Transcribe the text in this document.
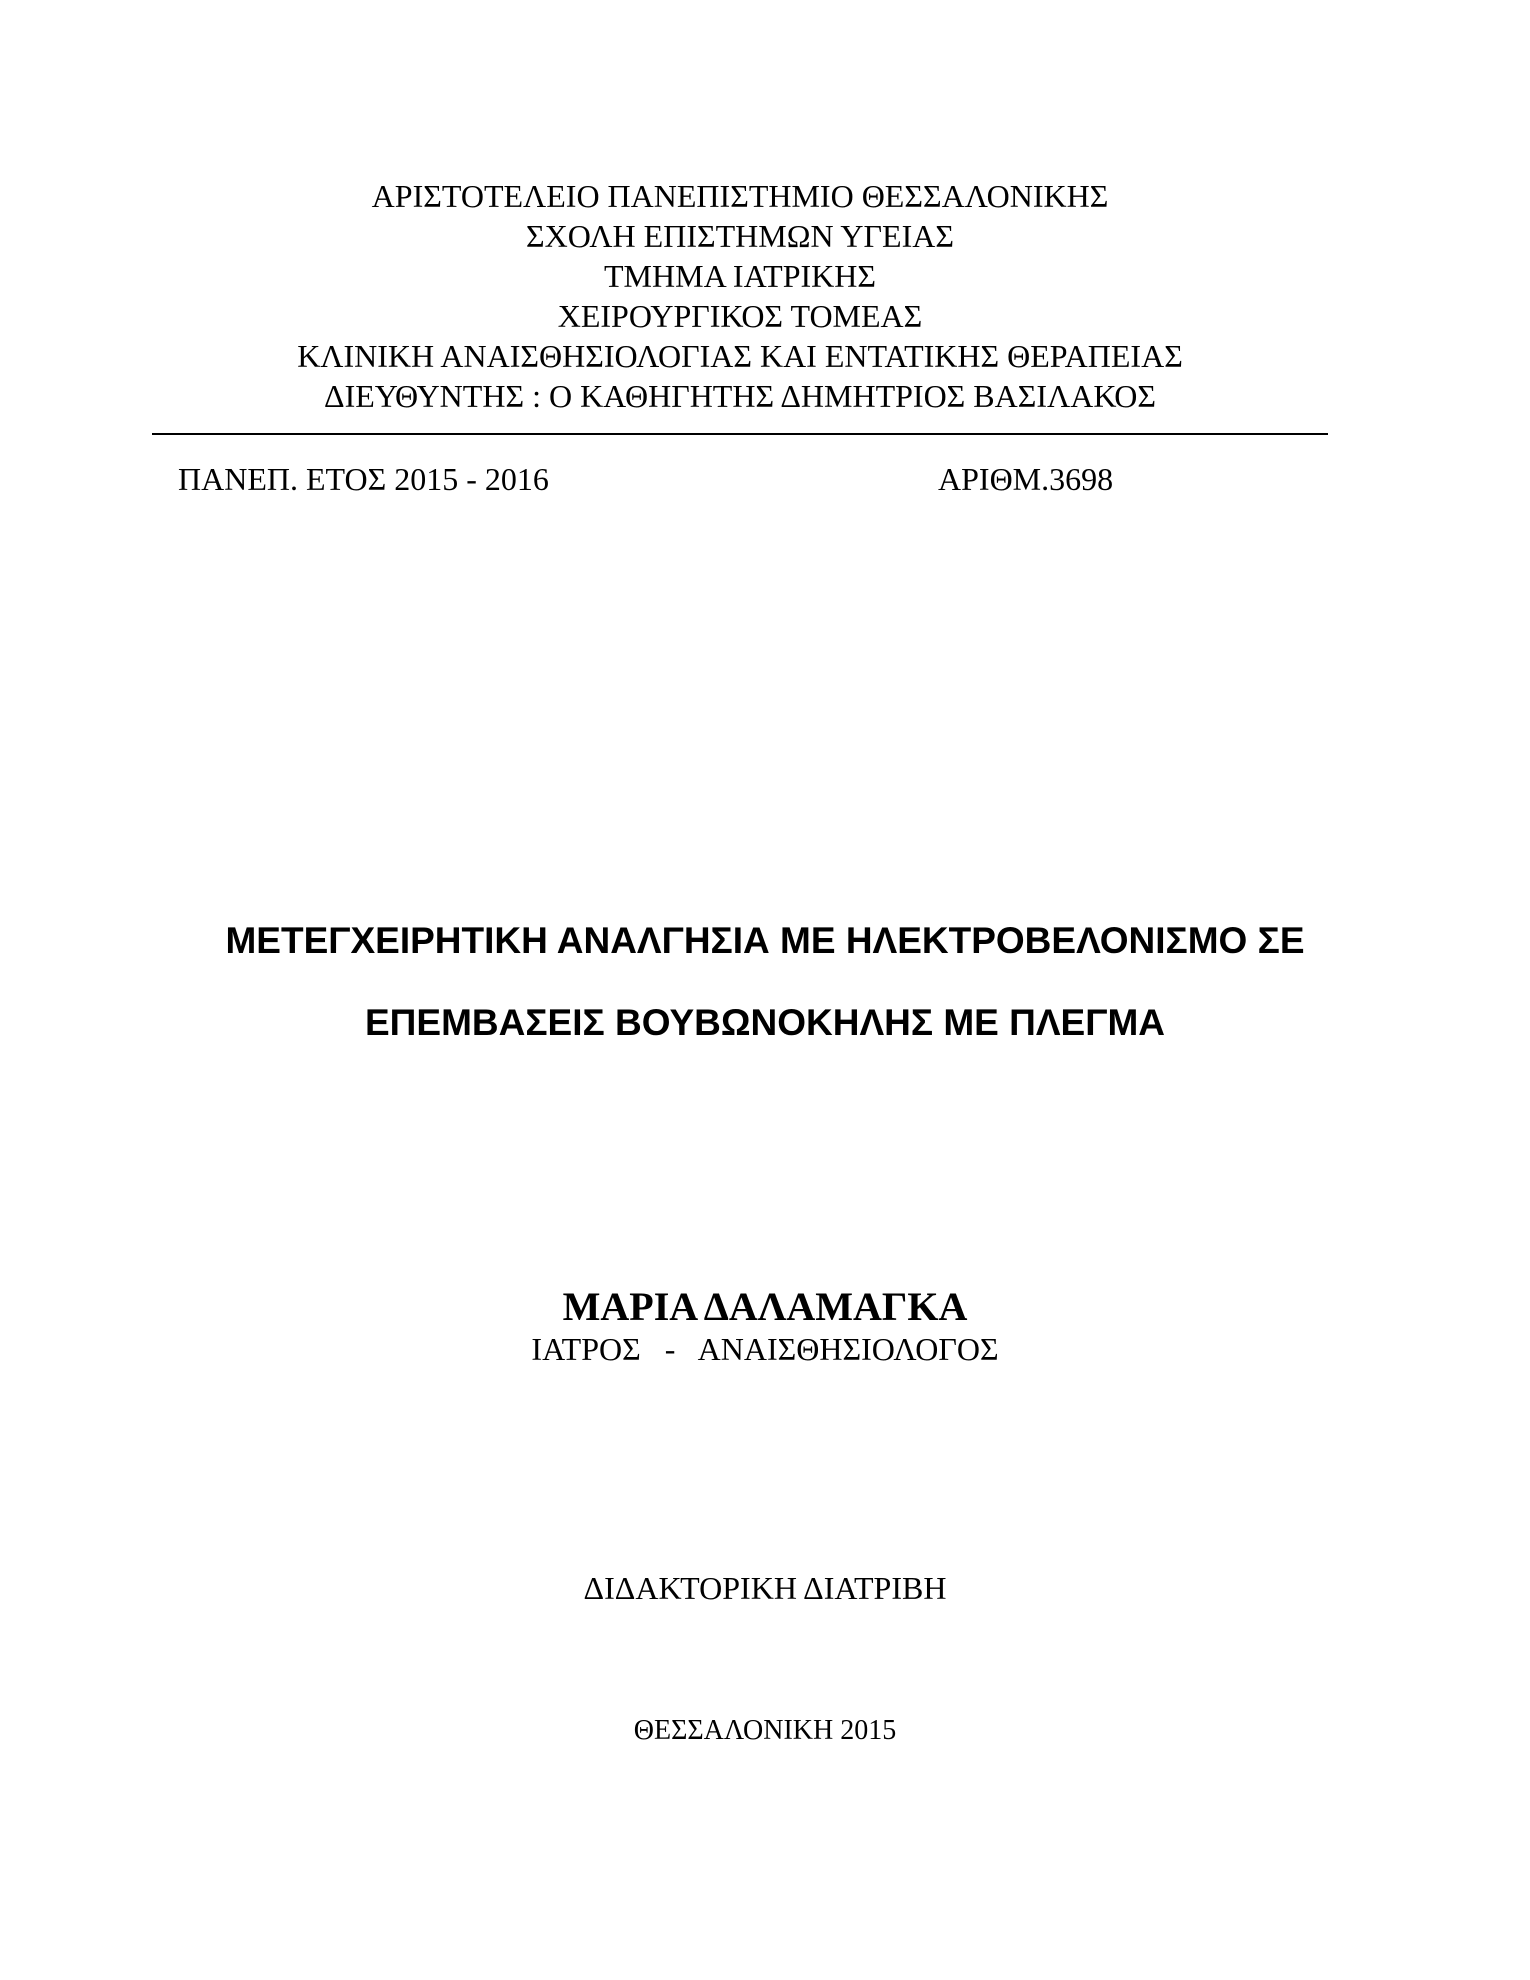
ΑΡΙΣΤΟΤΕΛΕΙΟ ΠΑΝΕΠΙΣΤΗΜΙΟ ΘΕΣΣΑΛΟΝΙΚΗΣ
ΣΧΟΛΗ ΕΠΙΣΤΗΜΩΝ ΥΓΕΙΑΣ
ΤΜΗΜΑ ΙΑΤΡΙΚΗΣ
ΧΕΙΡΟΥΡΓΙΚΟΣ ΤΟΜΕΑΣ
ΚΛΙΝΙΚΗ ΑΝΑΙΣΘΗΣΙΟΛΟΓΙΑΣ ΚΑΙ ΕΝΤΑΤΙΚΗΣ ΘΕΡΑΠΕΙΑΣ
ΔΙΕΥΘΥΝΤΗΣ : Ο ΚΑΘΗΓΗΤΗΣ ΔΗΜΗΤΡΙΟΣ ΒΑΣΙΛΑΚΟΣ
ΠΑΝΕΠ. ΕΤΟΣ 2015 - 2016	ΑΡΙΘΜ.3698
ΜΕΤΕΓΧΕΙΡΗΤΙΚΗ ΑΝΑΛΓΗΣΙΑ ΜΕ ΗΛΕΚΤΡΟΒΕΛΟΝΙΣΜΟ ΣΕ
ΕΠΕΜΒΑΣΕΙΣ ΒΟΥΒΩΝΟΚΗΛΗΣ ΜΕ ΠΛΕΓΜΑ
ΜΑΡΙΑ ΔΑΛΑΜΑΓΚΑ
ΙΑΤΡΟΣ   -   ΑΝΑΙΣΘΗΣΙΟΛΟΓΟΣ
ΔΙΔΑΚΤΟΡΙΚΗ ΔΙΑΤΡΙΒΗ
ΘΕΣΣΑΛΟΝΙΚΗ 2015
